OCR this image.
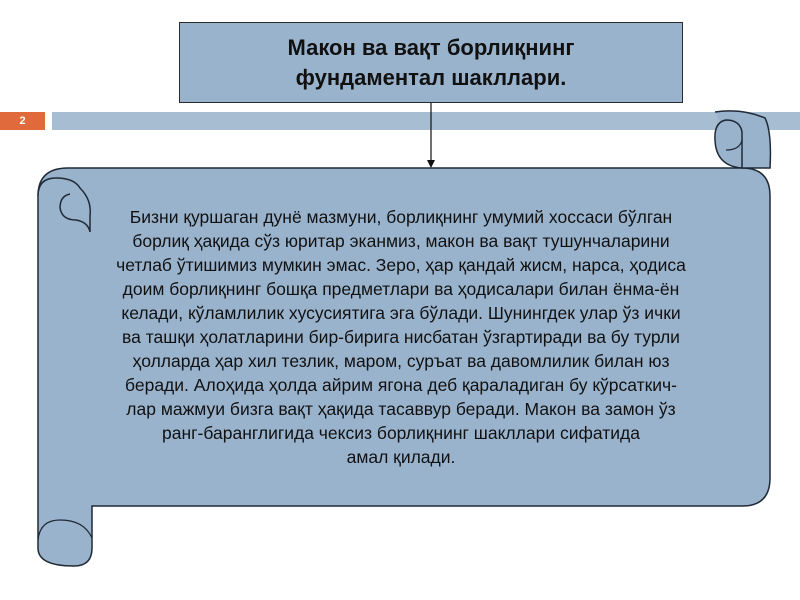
2
Макон ва вақт борлиқнинг
фундаментал шакллари.
Бизни қуршаган дунё мазмуни, борлиқнинг умумий хоссаси бўлган
борлиқ ҳақида сўз юритар эканмиз, макон ва вақт тушунчаларини
четлаб ўтишимиз мумкин эмас. Зеро, ҳар қандай жисм, нарса, ҳодиса
доим борлиқнинг бошқа предметлари ва ҳодисалари билан ёнма-ён
келади, кўламлилик хусусиятига эга бўлади. Шунингдек улар ўз ички
ва ташқи ҳолатларини бир-бирига нисбатан ўзгартиради ва бу турли
ҳолларда ҳар хил тезлик, маром, суръат ва давомлилик билан юз
беради. Алоҳида ҳолда айрим ягона деб қараладиган бу кўрсаткич-
лар мажмуи бизга вақт ҳақида тасаввур беради. Макон ва замон ўз
ранг-баранглигида чексиз борлиқнинг шакллари сифатида
амал қилади.
